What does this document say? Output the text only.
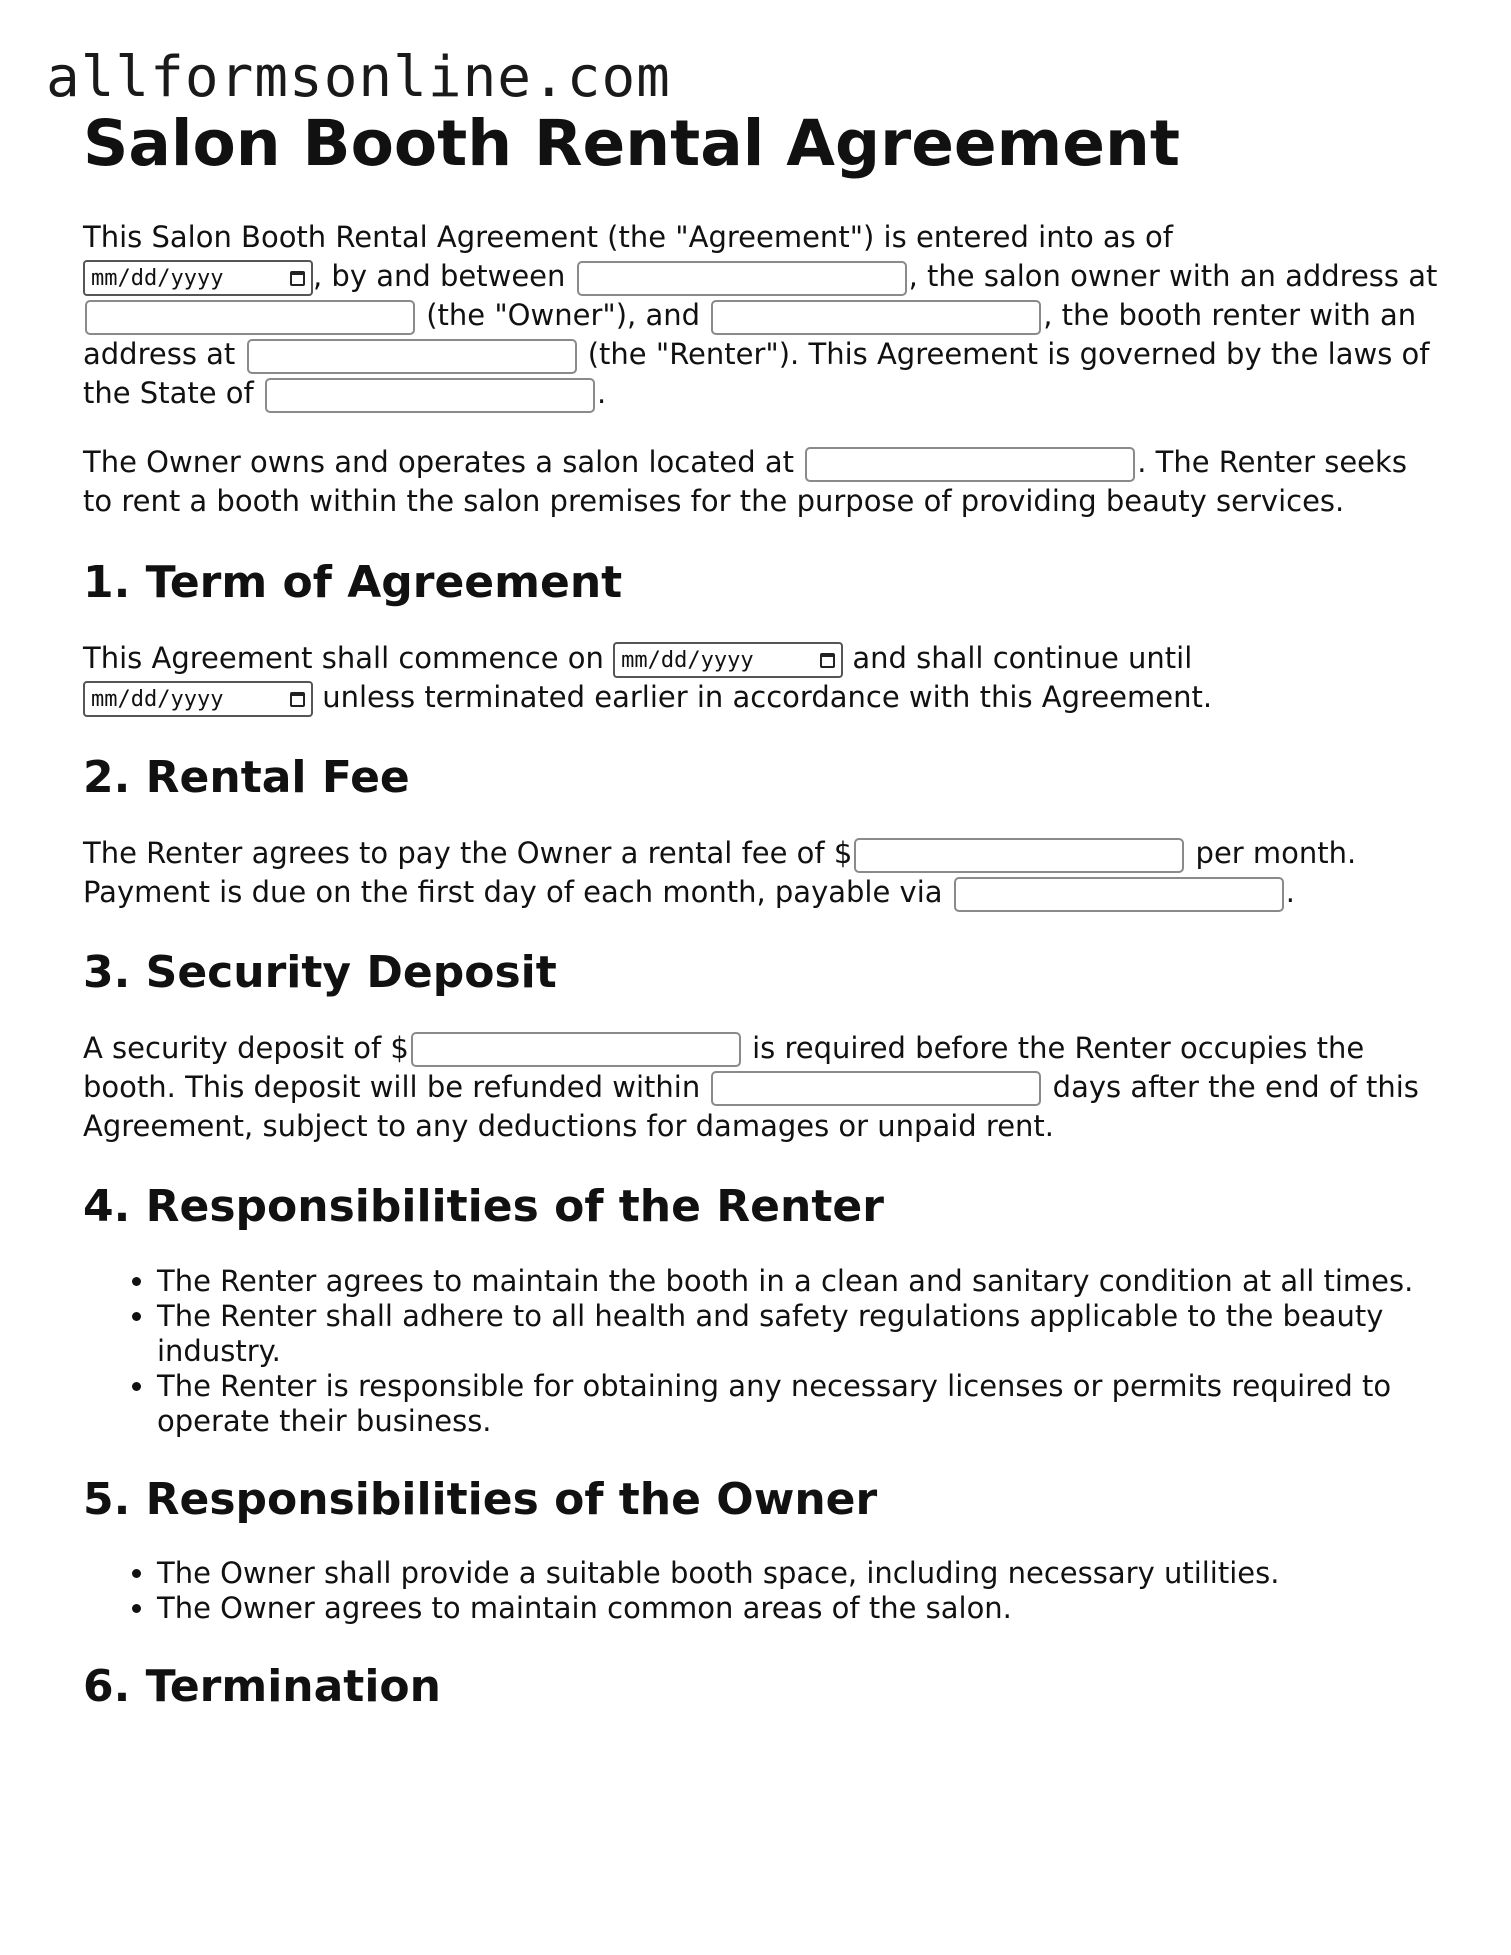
allformsonline.com
Salon Booth Rental Agreement

This Salon Booth Rental Agreement (the "Agreement") is entered into as of

mm/dd/yyyy	, by and between	, the salon owner with an address at  (the "Owner"), and	, the booth renter with an address at	(the "Renter"). This Agreement is governed by the laws of the State of	.

The Owner owns and operates a salon located at	. The Renter seeks to rent a booth within the salon premises for the purpose of providing beauty services.

1. Term of Agreement

This Agreement shall commence on mm/dd/yyyy	and shall continue until

mm/dd/yyyy	unless terminated earlier in accordance with this Agreement.

2. Rental Fee

The Renter agrees to pay the Owner a rental fee of $	per month. Payment is due on the first day of each month, payable via	.

3. Security Deposit

A security deposit of $	is required before the Renter occupies the booth. This deposit will be refunded within	days after the end of this Agreement, subject to any deductions for damages or unpaid rent.

4. Responsibilities of the Renter
• The Renter agrees to maintain the booth in a clean and sanitary condition at all times.
• The Renter shall adhere to all health and safety regulations applicable to the beauty industry.
• The Renter is responsible for obtaining any necessary licenses or permits required to operate their business.
5. Responsibilities of the Owner
• The Owner shall provide a suitable booth space, including necessary utilities.
• The Owner agrees to maintain common areas of the salon.
6. Termination
